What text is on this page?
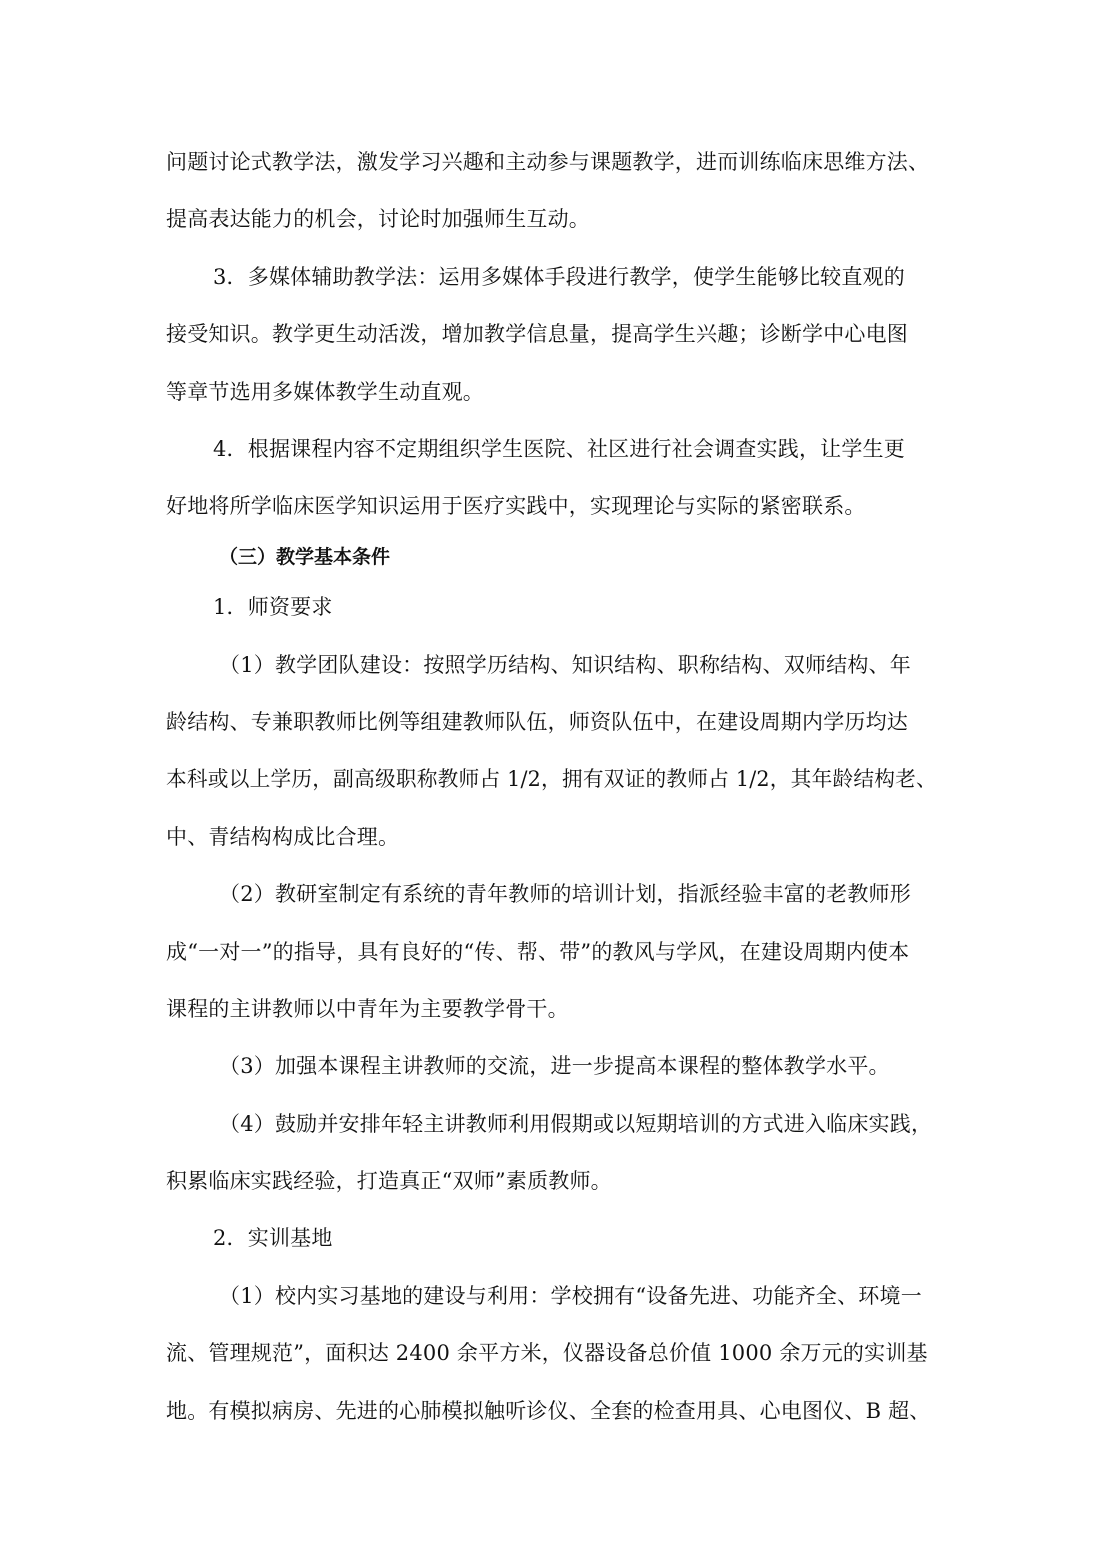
问题讨论式教学法，激发学习兴趣和主动参与课题教学，进而训练临床思维方法、
提高表达能力的机会，讨论时加强师生互动。
3．多媒体辅助教学法：运用多媒体手段进行教学，使学生能够比较直观的
接受知识。教学更生动活泼，增加教学信息量，提高学生兴趣；诊断学中心电图
等章节选用多媒体教学生动直观。
4．根据课程内容不定期组织学生医院、社区进行社会调查实践，让学生更
好地将所学临床医学知识运用于医疗实践中，实现理论与实际的紧密联系。
（三）教学基本条件
1．师资要求
（1）教学团队建设：按照学历结构、知识结构、职称结构、双师结构、年
龄结构、专兼职教师比例等组建教师队伍，师资队伍中，在建设周期内学历均达
本科或以上学历，副高级职称教师占 1/2，拥有双证的教师占 1/2，其年龄结构老、
中、青结构构成比合理。
（2）教研室制定有系统的青年教师的培训计划，指派经验丰富的老教师形
成“一对一”的指导，具有良好的“传、帮、带”的教风与学风，在建设周期内使本
课程的主讲教师以中青年为主要教学骨干。
（3）加强本课程主讲教师的交流，进一步提高本课程的整体教学水平。
（4）鼓励并安排年轻主讲教师利用假期或以短期培训的方式进入临床实践，
积累临床实践经验，打造真正“双师”素质教师。
2．实训基地
（1）校内实习基地的建设与利用：学校拥有“设备先进、功能齐全、环境一
流、管理规范”，面积达 2400 余平方米，仪器设备总价值 1000 余万元的实训基
地。有模拟病房、先进的心肺模拟触听诊仪、全套的检查用具、心电图仪、B 超、
